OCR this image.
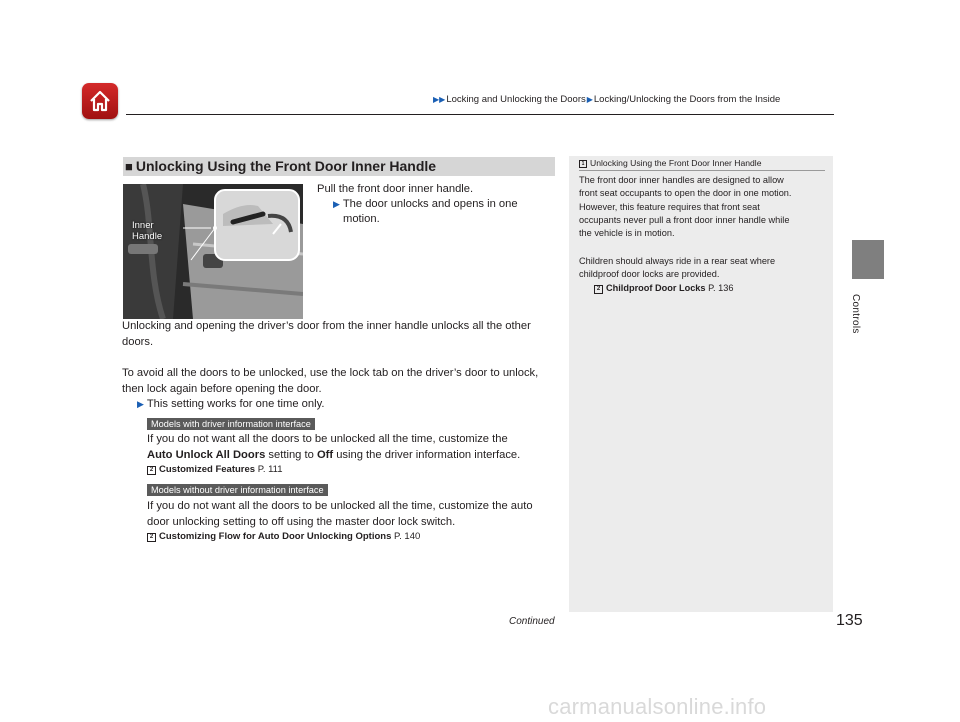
▶▶Locking and Unlocking the Doors▶Locking/Unlocking the Doors from the Inside
Controls
■ Unlocking Using the Front Door Inner Handle
Inner
Handle
Pull the front door inner handle.
▶ The door unlocks and opens in one
motion.
Unlocking and opening the driver’s door from the inner handle unlocks all the other
doors.
To avoid all the doors to be unlocked, use the lock tab on the driver’s door to unlock,
then lock again before opening the door.
▶ This setting works for one time only.
Models with driver information interface
If you do not want all the doors to be unlocked all the time, customize the
Auto Unlock All Doors setting to Off using the driver information interface.
2 Customized Features P. 111
Models without driver information interface
If you do not want all the doors to be unlocked all the time, customize the auto
door unlocking setting to off using the master door lock switch.
2 Customizing Flow for Auto Door Unlocking Options P. 140
1 Unlocking Using the Front Door Inner Handle
The front door inner handles are designed to allow
front seat occupants to open the door in one motion.
However, this feature requires that front seat
occupants never pull a front door inner handle while
the vehicle is in motion.
Children should always ride in a rear seat where
childproof door locks are provided.
2 Childproof Door Locks P. 136
Continued	135
carmanualsonline.info
